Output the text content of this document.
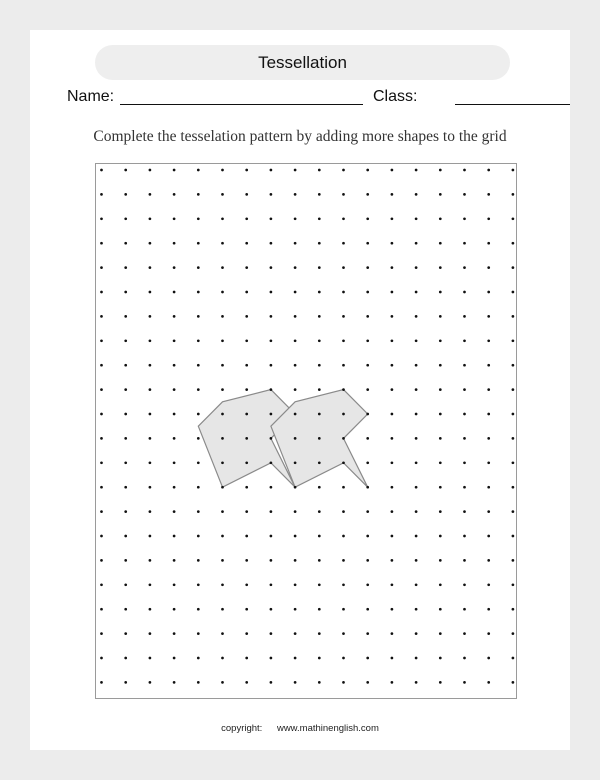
Tessellation
Name:	Class:
Complete the tesselation pattern by adding more shapes to the grid
copyright: www.mathinenglish.com
